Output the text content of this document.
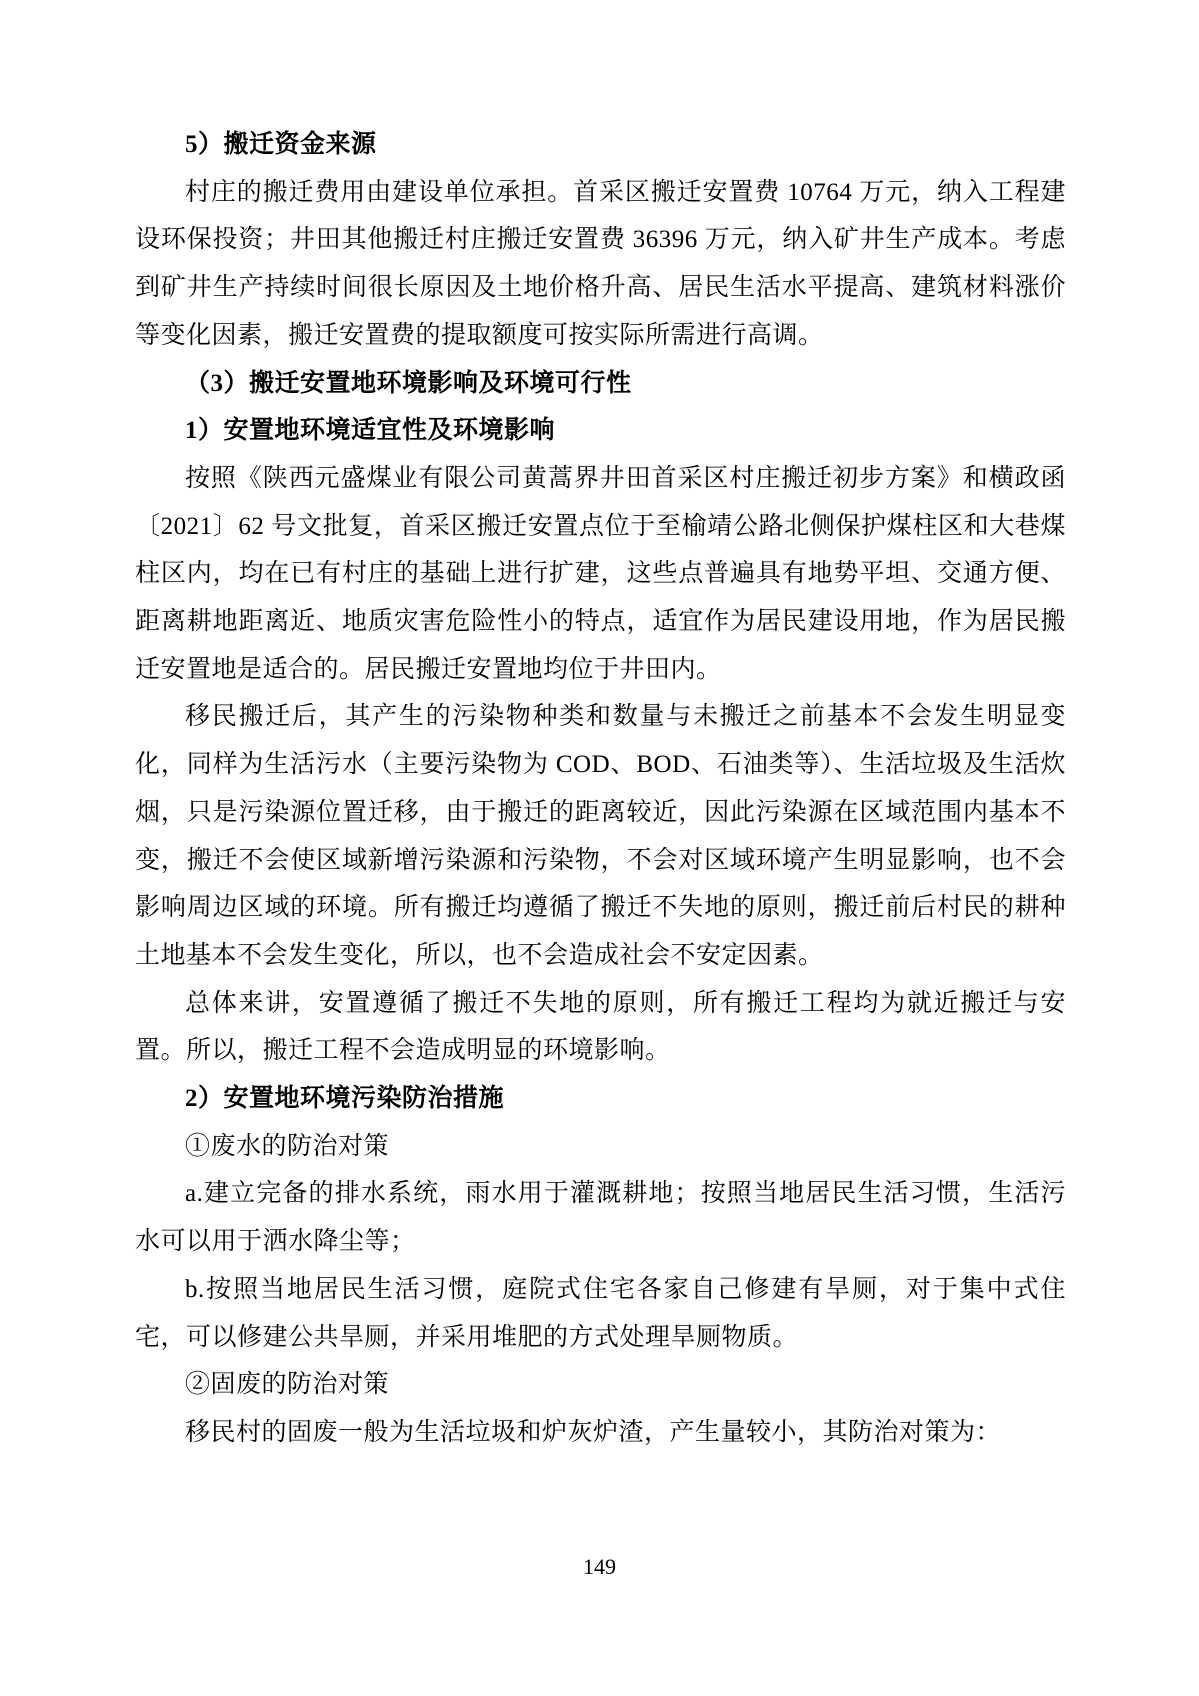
5）搬迁资金来源

村庄的搬迁费用由建设单位承担。首采区搬迁安置费 10764 万元，纳入工程建设环保投资；井田其他搬迁村庄搬迁安置费 36396 万元，纳入矿井生产成本。考虑到矿井生产持续时间很长原因及土地价格升高、居民生活水平提高、建筑材料涨价等变化因素，搬迁安置费的提取额度可按实际所需进行高调。

（3）搬迁安置地环境影响及环境可行性

1）安置地环境适宜性及环境影响

按照《陕西元盛煤业有限公司黄蒿界井田首采区村庄搬迁初步方案》和横政函〔2021〕62 号文批复，首采区搬迁安置点位于至榆靖公路北侧保护煤柱区和大巷煤柱区内，均在已有村庄的基础上进行扩建，这些点普遍具有地势平坦、交通方便、距离耕地距离近、地质灾害危险性小的特点，适宜作为居民建设用地，作为居民搬迁安置地是适合的。居民搬迁安置地均位于井田内。

移民搬迁后，其产生的污染物种类和数量与未搬迁之前基本不会发生明显变化，同样为生活污水（主要污染物为 COD、BOD、石油类等）、生活垃圾及生活炊烟，只是污染源位置迁移，由于搬迁的距离较近，因此污染源在区域范围内基本不变，搬迁不会使区域新增污染源和污染物，不会对区域环境产生明显影响，也不会影响周边区域的环境。所有搬迁均遵循了搬迁不失地的原则，搬迁前后村民的耕种土地基本不会发生变化，所以，也不会造成社会不安定因素。

总体来讲，安置遵循了搬迁不失地的原则，所有搬迁工程均为就近搬迁与安置。所以，搬迁工程不会造成明显的环境影响。

2）安置地环境污染防治措施

①废水的防治对策

a.建立完备的排水系统，雨水用于灌溉耕地；按照当地居民生活习惯，生活污水可以用于洒水降尘等；

b.按照当地居民生活习惯，庭院式住宅各家自己修建有旱厕，对于集中式住宅，可以修建公共旱厕，并采用堆肥的方式处理旱厕物质。

②固废的防治对策

移民村的固废一般为生活垃圾和炉灰炉渣，产生量较小，其防治对策为：

149
